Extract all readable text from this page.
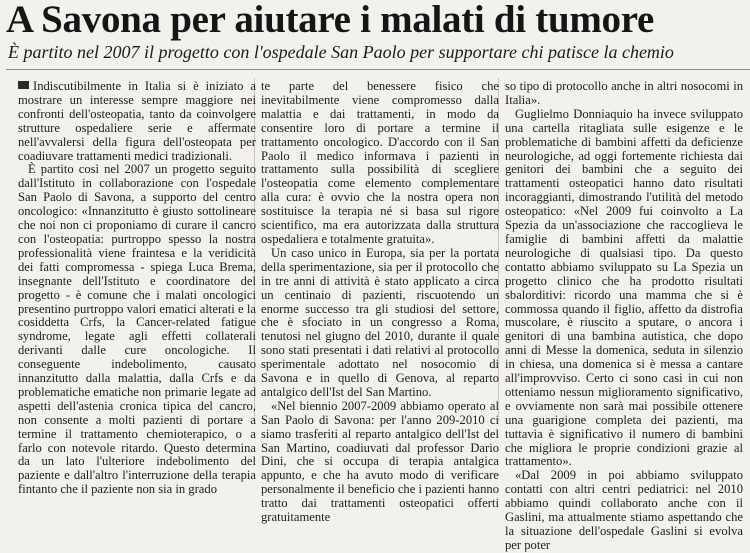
A Savona per aiutare i malati di tumore
È partito nel 2007 il progetto con l'ospedale San Paolo per supportare chi patisce la chemio

Indiscutibilmente in Italia si è iniziato a mostrare un interesse sempre maggiore nei confronti dell'osteopatia, tanto da coinvolgere strutture ospedaliere serie e affermate nell'avvalersi della figura dell'osteopata per coadiuvare trattamenti medici tradizionali.

È partito così nel 2007 un progetto seguito dall'Istituto in collaborazione con l'ospedale San Paolo di Savona, a supporto del centro oncologico: «Innanzitutto è giusto sottolineare che noi non ci proponiamo di curare il cancro con l'osteopatia: purtroppo spesso la nostra professionalità viene fraintesa e la veridicità dei fatti compromessa - spiega Luca Brema, insegnante dell'Istituto e coordinatore del progetto - è comune che i malati oncologici presentino purtroppo valori ematici alterati e la cosiddetta Crfs, la Cancer-related fatigue syndrome, legate agli effetti collaterali derivanti dalle cure oncologiche. Il conseguente indebolimento, causato innanzitutto dalla malattia, dalla Crfs e da problematiche ematiche non primarie legate ad aspetti dell'astenia cronica tipica del cancro, non consente a molti pazienti di portare a termine il trattamento chemioterapico, o a farlo con notevole ritardo. Questo determina da un lato l'ulteriore indebolimento del paziente e dall'altro l'interruzione della terapia fintanto che il paziente non sia in grado

te parte del benessere fisico che inevitabilmente viene compromesso dalla malattia e dai trattamenti, in modo da consentire loro di portare a termine il trattamento oncologico. D'accordo con il San Paolo il medico informava i pazienti in trattamento sulla possibilità di scegliere l'osteopatia come elemento complementare alla cura: è ovvio che la nostra opera non sostituisce la terapia né si basa sul rigore scientifico, ma era autorizzata dalla struttura ospedaliera e totalmente gratuita».

Un caso unico in Europa, sia per la portata della sperimentazione, sia per il protocollo che in tre anni di attività è stato applicato a circa un centinaio di pazienti, riscuotendo un enorme successo tra gli studiosi del settore, che è sfociato in un congresso a Roma, tenutosi nel giugno del 2010, durante il quale sono stati presentati i dati relativi al protocollo sperimentale adottato nel nosocomio di Savona e in quello di Genova, al reparto antalgico dell'Ist del San Martino.

«Nel biennio 2007-2009 abbiamo operato al San Paolo di Savona: per l'anno 209-2010 ci siamo trasferiti al reparto antalgico dell'Ist del San Martino, coadiuvati dal professor Dario Dini, che si occupa di terapia antalgica appunto, e che ha avuto modo di verificare personalmente il beneficio che i pazienti hanno tratto dai trattamenti osteopatici offerti gratuitamente

so tipo di protocollo anche in altri nosocomi in Italia».

Guglielmo Donniaquio ha invece sviluppato una cartella ritagliata sulle esigenze e le problematiche di bambini affetti da deficienze neurologiche, ad oggi fortemente richiesta dai genitori dei bambini che a seguito dei trattamenti osteopatici hanno dato risultati incoraggianti, dimostrando l'utilità del metodo osteopatico: «Nel 2009 fui coinvolto a La Spezia da un'associazione che raccoglieva le famiglie di bambini affetti da malattie neurologiche di qualsiasi tipo. Da questo contatto abbiamo sviluppato su La Spezia un progetto clinico che ha prodotto risultati sbalorditivi: ricordo una mamma che si è commossa quando il figlio, affetto da distrofia muscolare, è riuscito a sputare, o ancora i genitori di una bambina autistica, che dopo anni di Messe la domenica, seduta in silenzio in chiesa, una domenica si è messa a cantare all'improvviso. Certo ci sono casi in cui non otteniamo nessun miglioramento significativo, e ovviamente non sarà mai possibile ottenere una guarigione completa dei pazienti, ma tuttavia è significativo il numero di bambini che migliora le proprie condizioni grazie al trattamento».

«Dal 2009 in poi abbiamo sviluppato contatti con altri centri pediatrici: nel 2010 abbiamo quindi collaborato anche con il Gaslini, ma attualmente stiamo aspettando che la situazione dell'ospedale Gaslini si evolva per poter
